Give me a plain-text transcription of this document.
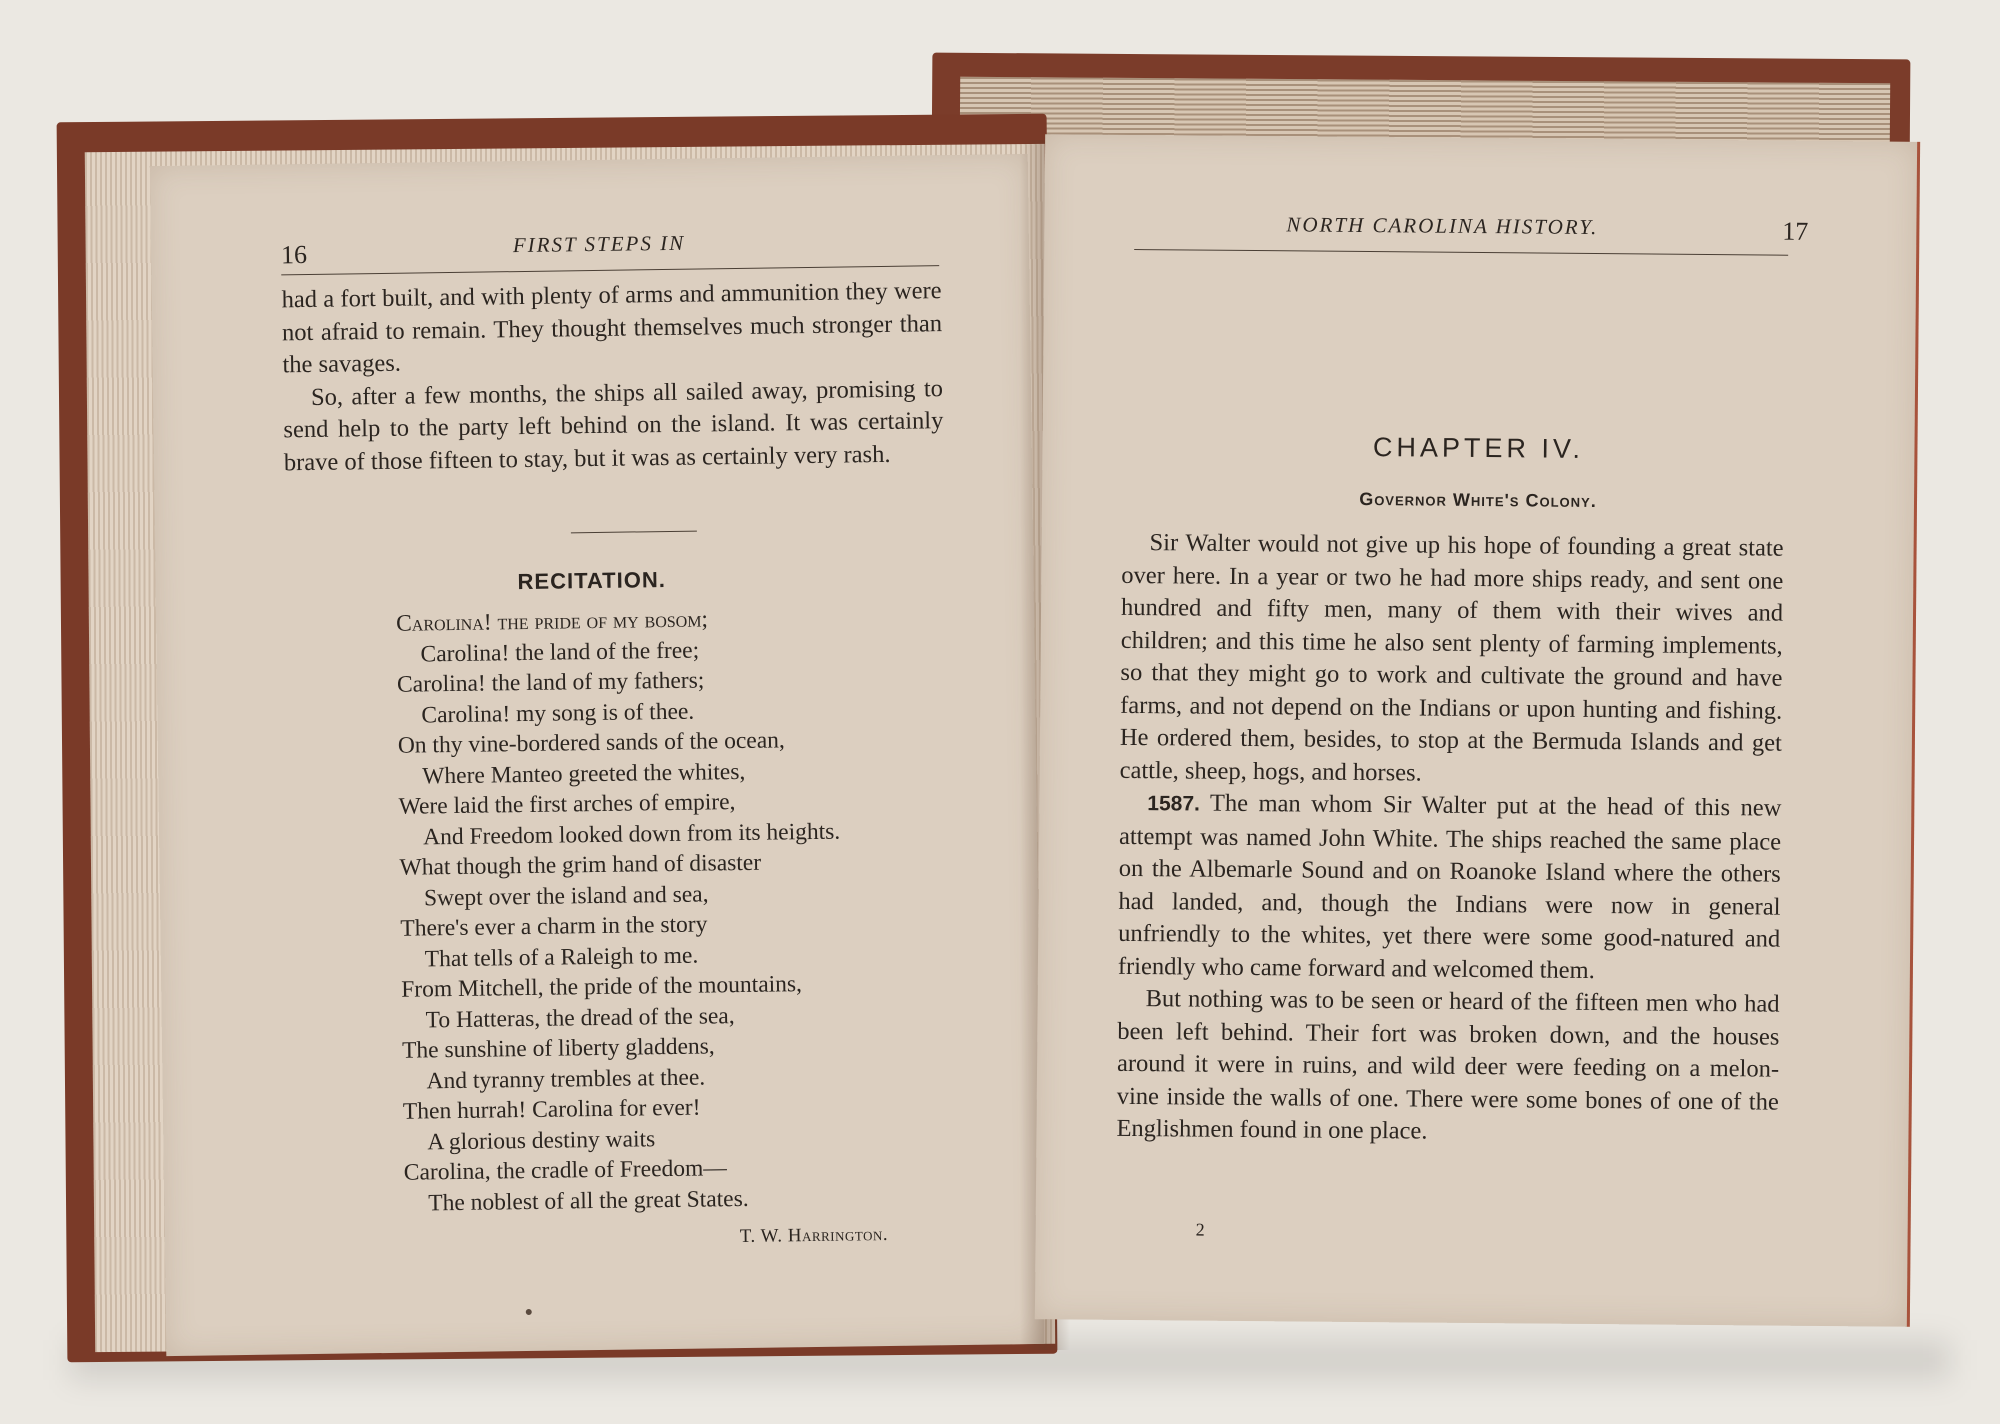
16	FIRST STEPS IN

had a fort built, and with plenty of arms and ammunition they were not afraid to remain. They thought themselves much stronger than the savages.

So, after a few months, the ships all sailed away, promising to send help to the party left behind on the island. It was certainly brave of those fifteen to stay, but it was as certainly very rash.

RECITATION.
Carolina! the pride of my bosom;
Carolina! the land of the free;
Carolina! the land of my fathers;
Carolina! my song is of thee.
On thy vine-bordered sands of the ocean,
Where Manteo greeted the whites,
Were laid the first arches of empire,
And Freedom looked down from its heights.
What though the grim hand of disaster
Swept over the island and sea,
There's ever a charm in the story
That tells of a Raleigh to me.
From Mitchell, the pride of the mountains,
To Hatteras, the dread of the sea,
The sunshine of liberty gladdens,
And tyranny trembles at thee.
Then hurrah! Carolina for ever!
A glorious destiny waits
Carolina, the cradle of Freedom—
The noblest of all the great States.
T. W. Harrington.
NORTH CAROLINA HISTORY.	17
CHAPTER IV.
Governor White's Colony.

Sir Walter would not give up his hope of founding a great state over here. In a year or two he had more ships ready, and sent one hundred and fifty men, many of them with their wives and children; and this time he also sent plenty of farming implements, so that they might go to work and cultivate the ground and have farms, and not depend on the Indians or upon hunting and fishing. He ordered them, besides, to stop at the Bermuda Islands and get cattle, sheep, hogs, and horses.

1587. The man whom Sir Walter put at the head of this new attempt was named John White. The ships reached the same place on the Albemarle Sound and on Roanoke Island where the others had landed, and, though the Indians were now in general unfriendly to the whites, yet there were some good-natured and friendly who came forward and welcomed them.

But nothing was to be seen or heard of the fifteen men who had been left behind. Their fort was broken down, and the houses around it were in ruins, and wild deer were feeding on a melon-vine inside the walls of one. There were some bones of one of the Englishmen found in one place.

2
